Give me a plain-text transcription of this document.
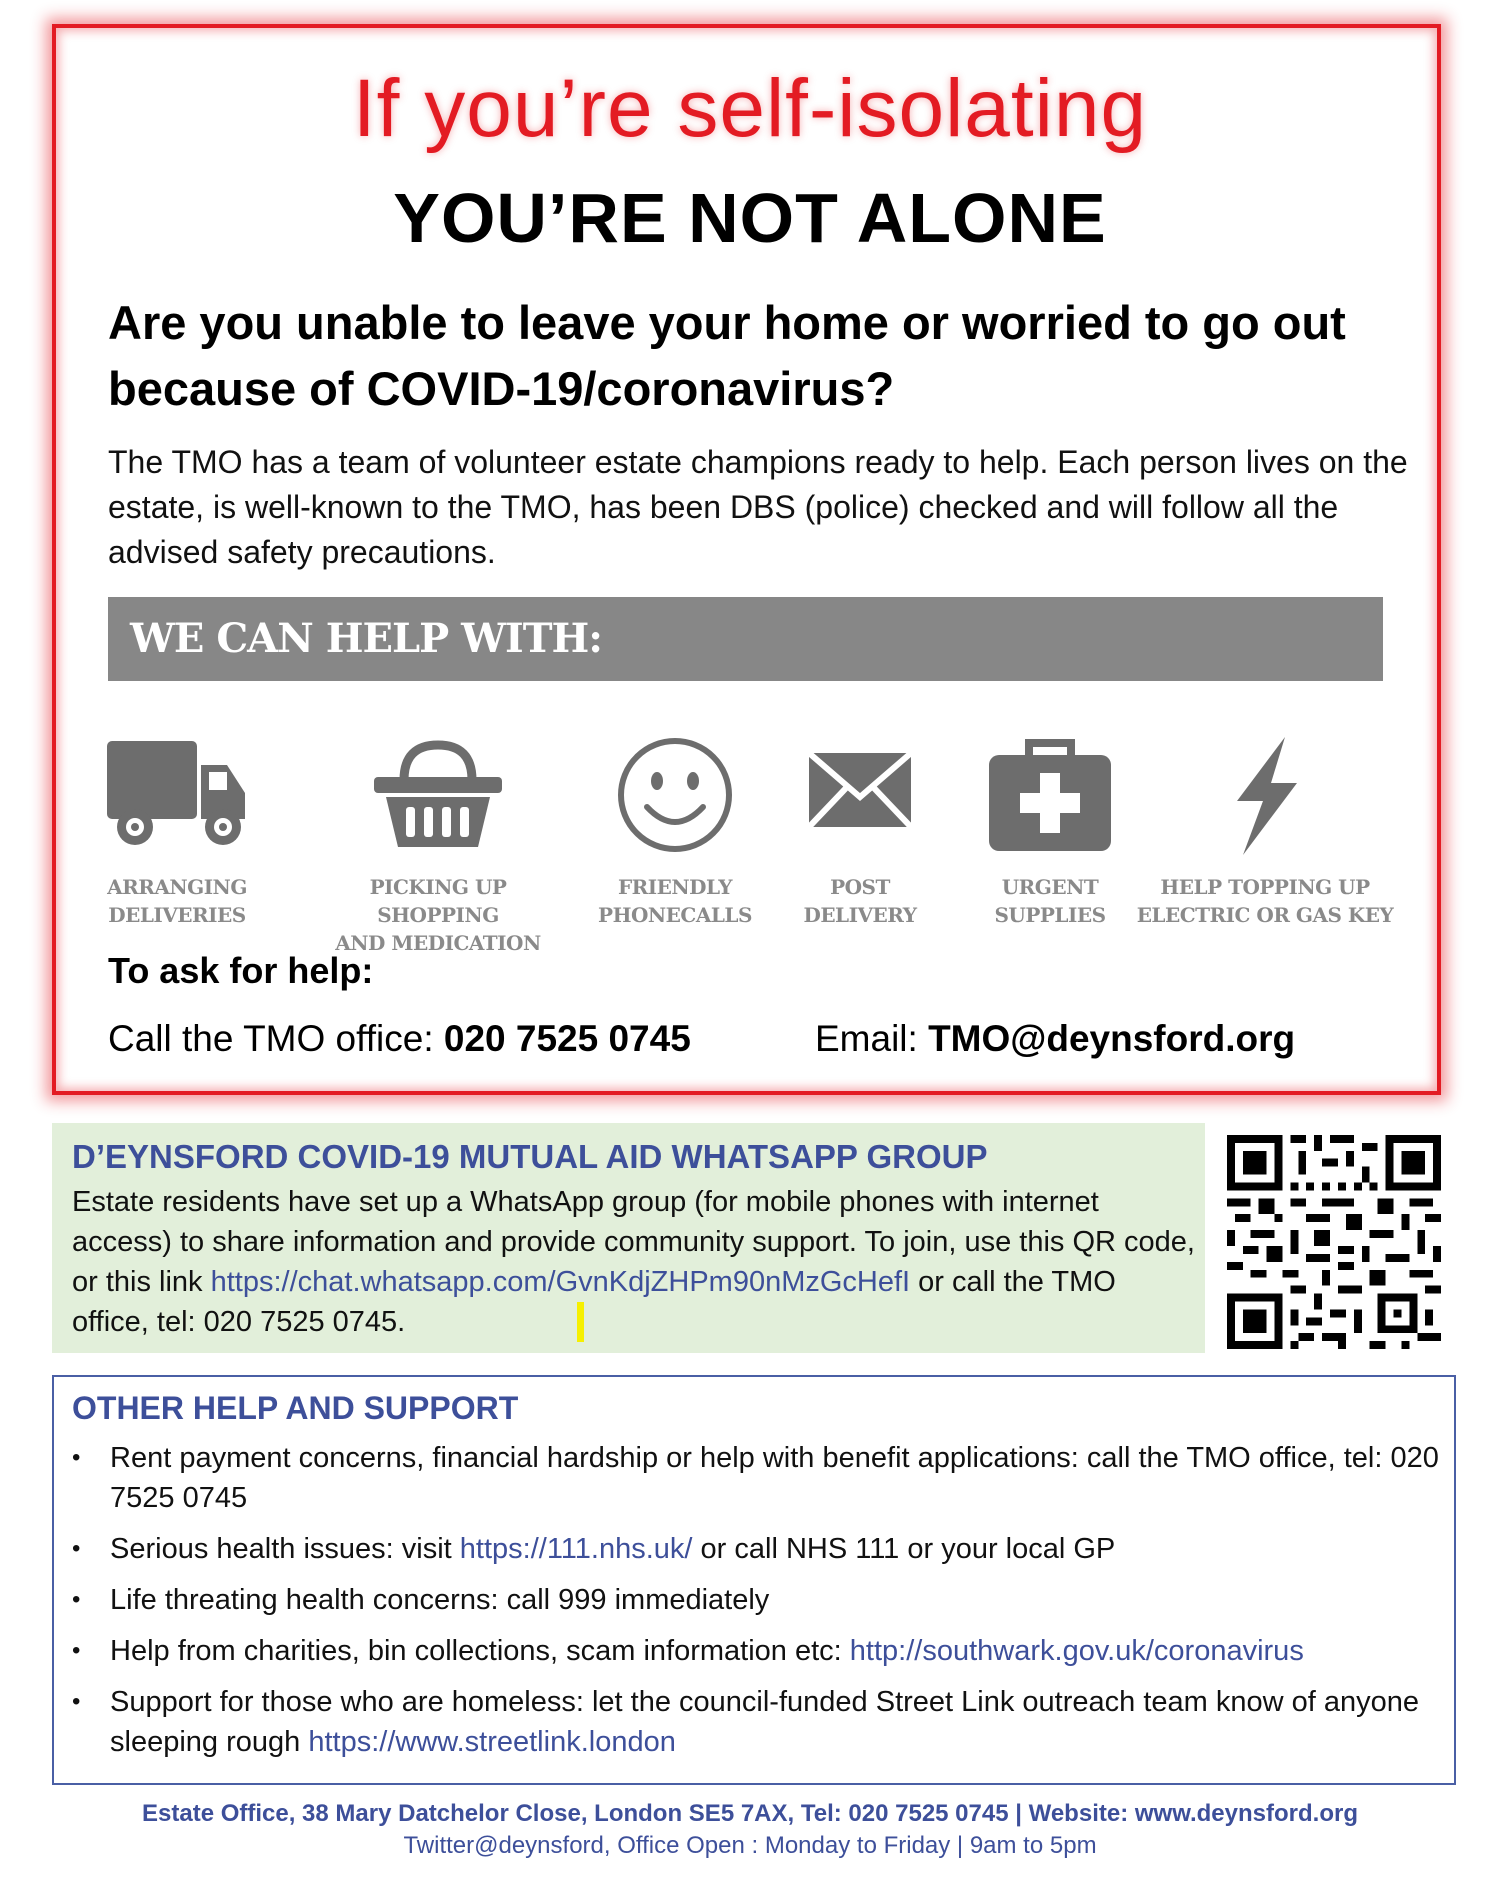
If you’re self-isolating
YOU’RE NOT ALONE
Are you unable to leave your home or worried to go out because of COVID-19/coronavirus?
The TMO has a team of volunteer estate champions ready to help. Each person lives on the estate, is well-known to the TMO, has been DBS (police) checked and will follow all the advised safety precautions.
WE CAN HELP WITH:
ARRANGING
DELIVERIES
PICKING UP SHOPPING
AND MEDICATION
FRIENDLY
PHONECALLS
POST
DELIVERY
URGENT
SUPPLIES
HELP TOPPING UP
ELECTRIC OR GAS KEY
To ask for help:
Call the TMO office: 020 7525 0745	Email: TMO@deynsford.org
D’EYNSFORD COVID-19 MUTUAL AID WHATSAPP GROUP
Estate residents have set up a WhatsApp group (for mobile phones with internet access) to share information and provide community support. To join, use this QR code, or this link https://chat.whatsapp.com/GvnKdjZHPm90nMzGcHefI or call the TMO office, tel: 020 7525 0745.
OTHER HELP AND SUPPORT
• Rent payment concerns, financial hardship or help with benefit applications: call the TMO office, tel: 020 7525 0745
• Serious health issues: visit https://111.nhs.uk/ or call NHS 111 or your local GP
• Life threating health concerns: call 999 immediately
• Help from charities, bin collections, scam information etc: http://southwark.gov.uk/coronavirus
• Support for those who are homeless: let the council-funded Street Link outreach team know of anyone sleeping rough https://www.streetlink.london
Estate Office, 38 Mary Datchelor Close, London SE5 7AX, Tel: 020 7525 0745 | Website: www.deynsford.org
Twitter@deynsford, Office Open : Monday to Friday | 9am to 5pm
